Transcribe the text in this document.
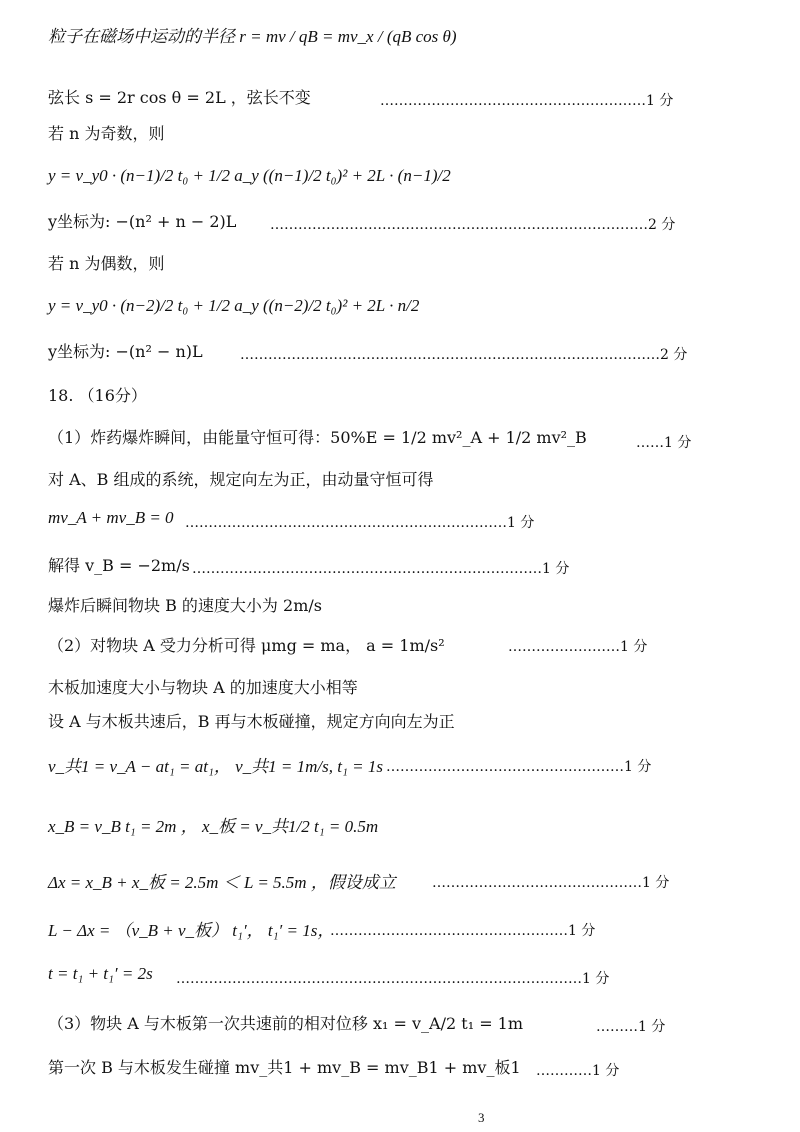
粒子在磁场中运动的半径 r = mv / qB = mv_x / (qB cos θ)
弦长 s = 2r cos θ = 2L ，弦长不变	…………………………………………………1 分
若 n 为奇数，则
y = v_y0 · (n−1)/2 t₀ + 1/2 a_y ((n−1)/2 t₀)² + 2L · (n−1)/2
y坐标为: −(n² + n − 2)L ………………………………………………………………………2 分
若 n 为偶数，则
y = v_y0 · (n−2)/2 t₀ + 1/2 a_y ((n−2)/2 t₀)² + 2L · n/2
y坐标为: −(n² − n)L	………………………………………………………………………………2 分
18. （16分）
（1）炸药爆炸瞬间，由能量守恒可得：50%E = 1/2 mv²_A + 1/2 mv²_B	……1 分
对 A、B 组成的系统，规定向左为正，由动量守恒可得
mv_A + mv_B = 0 ……………………………………………………………1 分
解得 v_B = −2m/s …………………………………………………………………1 分
爆炸后瞬间物块 B 的速度大小为 2m/s
（2）对物块 A 受力分析可得 μmg = ma， a = 1m/s²	……………………1 分
木板加速度大小与物块 A 的加速度大小相等
设 A 与木板共速后，B 再与木板碰撞，规定方向向左为正
v_共1 = v_A − at₁ = at₁， v_共1 = 1m/s, t₁ = 1s ……………………………………………1 分
x_B = v_B t₁ = 2m ， x_板 = v_共1/2 t₁ = 0.5m
Δx = x_B + x_板 = 2.5m ＜ L = 5.5m ，假设成立	………………………………………1 分
L − Δx = （v_B + v_板） t₁′， t₁′ = 1s，
……………………………………………1 分
t = t₁ + t₁′ = 2s ……………………………………………………………………………1 分
（3）物块 A 与木板第一次共速前的相对位移 x₁ = v_A/2 t₁ = 1m	………1 分
第一次 B 与木板发生碰撞 mv_共1 + mv_B = mv_B1 + mv_板1 …………1 分
3
